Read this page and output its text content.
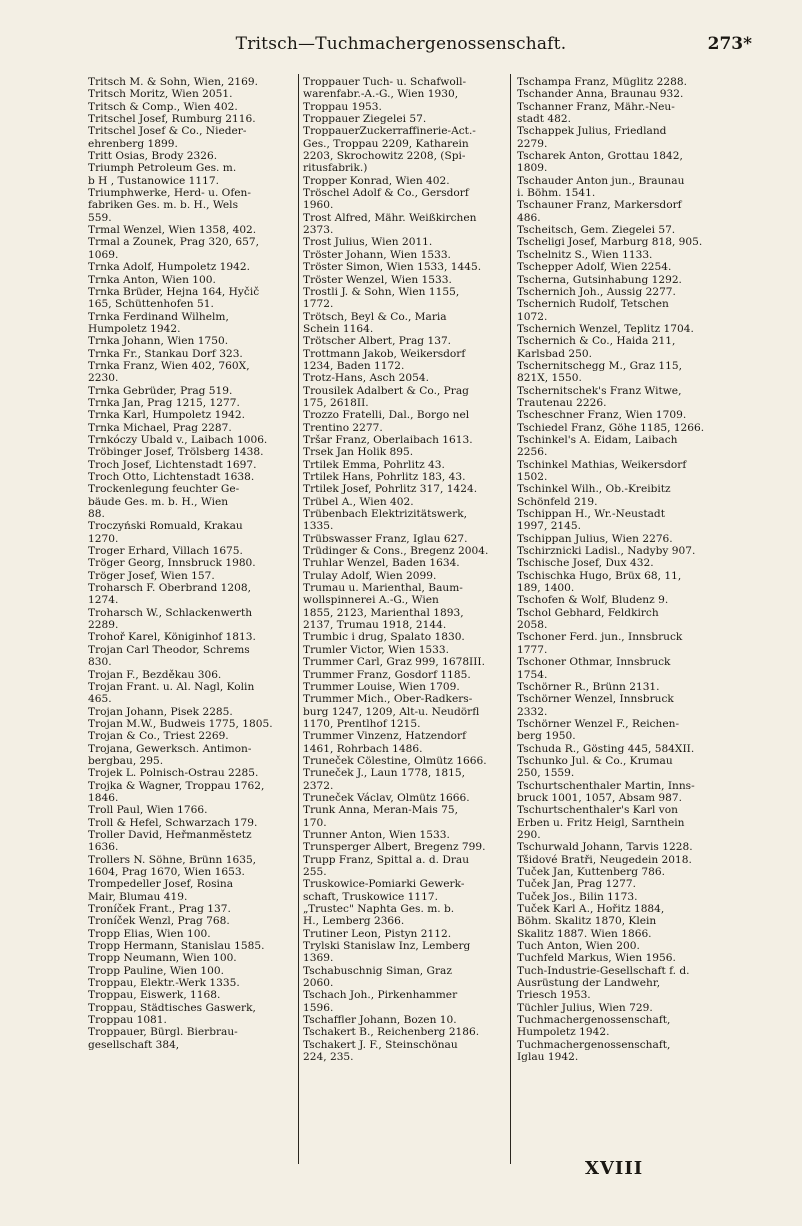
Tritsch—Tuchmachergenossenschaft.	273*
Tritsch M. & Sohn, Wien, 2169.
Tritsch Moritz, Wien 2051.
Tritsch & Comp., Wien 402.
Tritschel Josef, Rumburg 2116.
Tritschel Josef & Co., Nieder-
ehrenberg 1899.
Tritt Osias, Brody 2326.
Triumph Petroleum Ges. m.
b H , Tustanowice 1117.
Triumphwerke, Herd- u. Ofen-
fabriken Ges. m. b. H., Wels
559.
Trmal Wenzel, Wien 1358, 402.
Trmal a Zounek, Prag 320, 657,
1069.
Trnka Adolf, Humpoletz 1942.
Trnka Anton, Wien 100.
Trnka Brüder, Hejna 164, Hyčič
165, Schüttenhofen 51.
Trnka Ferdinand Wilhelm,
Humpoletz 1942.
Trnka Johann, Wien 1750.
Trnka Fr., Stankau Dorf 323.
Trnka Franz, Wien 402, 760X,
2230.
Trnka Gebrüder, Prag 519.
Trnka Jan, Prag 1215, 1277.
Trnka Karl, Humpoletz 1942.
Trnka Michael, Prag 2287.
Trnkóczy Ubald v., Laibach 1006.
Tröbinger Josef, Trölsberg 1438.
Troch Josef, Lichtenstadt 1697.
Troch Otto, Lichtenstadt 1638.
Trockenlegung feuchter Ge-
bäude Ges. m. b. H., Wien
88.
Troczyński Romuald, Krakau
1270.
Troger Erhard, Villach 1675.
Tröger Georg, Innsbruck 1980.
Tröger Josef, Wien 157.
Troharsch F. Oberbrand 1208,
1274.
Troharsch W., Schlackenwerth
2289.
Trohoř Karel, Königinhof 1813.
Trojan Carl Theodor, Schrems
830.
Trojan F., Bezděkau 306.
Trojan Frant. u. Al. Nagl, Kolin
465.
Trojan Johann, Pisek 2285.
Trojan M.W., Budweis 1775, 1805.
Trojan & Co., Triest 2269.
Trojana, Gewerksch. Antimon-
bergbau, 295.
Trojek L. Polnisch-Ostrau 2285.
Trojka & Wagner, Troppau 1762,
1846.
Troll Paul, Wien 1766.
Troll & Hefel, Schwarzach 179.
Troller David, Heřmanměstetz
1636.
Trollers N. Söhne, Brünn 1635,
1604, Prag 1670, Wien 1653.
Trompedeller Josef, Rosina
Mair, Blumau 419.
Troníček Frant., Prag 137.
Troníček Wenzl, Prag 768.
Tropp Elias, Wien 100.
Tropp Hermann, Stanislau 1585.
Tropp Neumann, Wien 100.
Tropp Pauline, Wien 100.
Troppau, Elektr.-Werk 1335.
Troppau, Eiswerk, 1168.
Troppau, Städtisches Gaswerk,
Troppau 1081.
Troppauer, Bürgl. Bierbrau-
gesellschaft 384,
Troppauer Tuch- u. Schafwoll-
warenfabr.-A.-G., Wien 1930,
Troppau 1953.
Troppauer Ziegelei 57.
TroppauerZuckerraffinerie-Act.-
Ges., Troppau 2209, Katharein
2203, Skrochowitz 2208, (Spi-
ritusfabrik.)
Tropper Konrad, Wien 402.
Tröschel Adolf & Co., Gersdorf
1960.
Trost Alfred, Mähr. Weißkirchen
2373.
Trost Julius, Wien 2011.
Tröster Johann, Wien 1533.
Tröster Simon, Wien 1533, 1445.
Tröster Wenzel, Wien 1533.
Trostli J. & Sohn, Wien 1155,
1772.
Trötsch, Beyl & Co., Maria
Schein 1164.
Trötscher Albert, Prag 137.
Trottmann Jakob, Weikersdorf
1234, Baden 1172.
Trotz-Hans, Asch 2054.
Trousilek Adalbert & Co., Prag
175, 2618II.
Trozzo Fratelli, Dal., Borgo nel
Trentino 2277.
Tršar Franz, Oberlaibach 1613.
Trsek Jan Holik 895.
Trtilek Emma, Pohrlitz 43.
Trtilek Hans, Pohrlitz 183, 43.
Trtilek Josef, Pohrlitz 317, 1424.
Trübel A., Wien 402.
Trübenbach Elektrizitätswerk,
1335.
Trübswasser Franz, Iglau 627.
Trüdinger & Cons., Bregenz 2004.
Truhlar Wenzel, Baden 1634.
Trulay Adolf, Wien 2099.
Trumau u. Marienthal, Baum-
wollspinnerei A.-G., Wien
1855, 2123, Marienthal 1893,
2137, Trumau 1918, 2144.
Trumbic i drug, Spalato 1830.
Trumler Victor, Wien 1533.
Trummer Carl, Graz 999, 1678III.
Trummer Franz, Gosdorf 1185.
Trummer Louise, Wien 1709.
Trummer Mich., Ober-Radkers-
burg 1247, 1209, Alt-u. Neudörfl
1170, Prentlhof 1215.
Trummer Vinzenz, Hatzendorf
1461, Rohrbach 1486.
Truneček Cölestine, Olmütz 1666.
Truneček J., Laun 1778, 1815,
2372.
Truneček Václav, Olmütz 1666.
Trunk Anna, Meran-Mais 75,
170.
Trunner Anton, Wien 1533.
Trunsperger Albert, Bregenz 799.
Trupp Franz, Spittal a. d. Drau
255.
Truskowice-Pomiarki Gewerk-
schaft, Truskowice 1117.
„Trustec" Naphta Ges. m. b.
H., Lemberg 2366.
Trutiner Leon, Pistyn 2112.
Trylski Stanislaw Inz, Lemberg
1369.
Tschabuschnig Siman, Graz
2060.
Tschach Joh., Pirkenhammer
1596.
Tschaffler Johann, Bozen 10.
Tschakert B., Reichenberg 2186.
Tschakert J. F., Steinschönau
224, 235.
Tschampa Franz, Müglitz 2288.
Tschander Anna, Braunau 932.
Tschanner Franz, Mähr.-Neu-
stadt 482.
Tschappek Julius, Friedland
2279.
Tscharek Anton, Grottau 1842,
1809.
Tschauder Anton jun., Braunau
i. Böhm. 1541.
Tschauner Franz, Markersdorf
486.
Tscheitsch, Gem. Ziegelei 57.
Tscheligi Josef, Marburg 818, 905.
Tschelnitz S., Wien 1133.
Tschepper Adolf, Wien 2254.
Tscherna, Gutsinhabung 1292.
Tschernich Joh., Aussig 2277.
Tschernich Rudolf, Tetschen
1072.
Tschernich Wenzel, Teplitz 1704.
Tschernich & Co., Haida 211,
Karlsbad 250.
Tschernitschegg M., Graz 115,
821X, 1550.
Tschernitschek's Franz Witwe,
Trautenau 2226.
Tscheschner Franz, Wien 1709.
Tschiedel Franz, Göhe 1185, 1266.
Tschinkel's A. Eidam, Laibach
2256.
Tschinkel Mathias, Weikersdorf
1502.
Tschinkel Wilh., Ob.-Kreibitz
Schönfeld 219.
Tschippan H., Wr.-Neustadt
1997, 2145.
Tschippan Julius, Wien 2276.
Tschirznicki Ladisl., Nadyby 907.
Tschische Josef, Dux 432.
Tschischka Hugo, Brüx 68, 11,
189, 1400.
Tschofen & Wolf, Bludenz 9.
Tschol Gebhard, Feldkirch
2058.
Tschoner Ferd. jun., Innsbruck
1777.
Tschoner Othmar, Innsbruck
1754.
Tschörner R., Brünn 2131.
Tschörner Wenzel, Innsbruck
2332.
Tschörner Wenzel F., Reichen-
berg 1950.
Tschuda R., Gösting 445, 584XII.
Tschunko Jul. & Co., Krumau
250, 1559.
Tschurtschenthaler Martin, Inns-
bruck 1001, 1057, Absam 987.
Tschurtschenthaler's Karl von
Erben u. Fritz Heigl, Sarnthein
290.
Tschurwald Johann, Tarvis 1228.
Tšidové Bratři, Neugedein 2018.
Tuček Jan, Kuttenberg 786.
Tuček Jan, Prag 1277.
Tuček Jos., Bilin 1173.
Tuček Karl A., Hořitz 1884,
Böhm. Skalitz 1870, Klein
Skalitz 1887. Wien 1866.
Tuch Anton, Wien 200.
Tuchfeld Markus, Wien 1956.
Tuch-Industrie-Gesellschaft f. d.
Ausrüstung der Landwehr,
Triesch 1953.
Tüchler Julius, Wien 729.
Tuchmachergenossenschaft,
Humpoletz 1942.
Tuchmachergenossenschaft,
Iglau 1942.
XVIII
